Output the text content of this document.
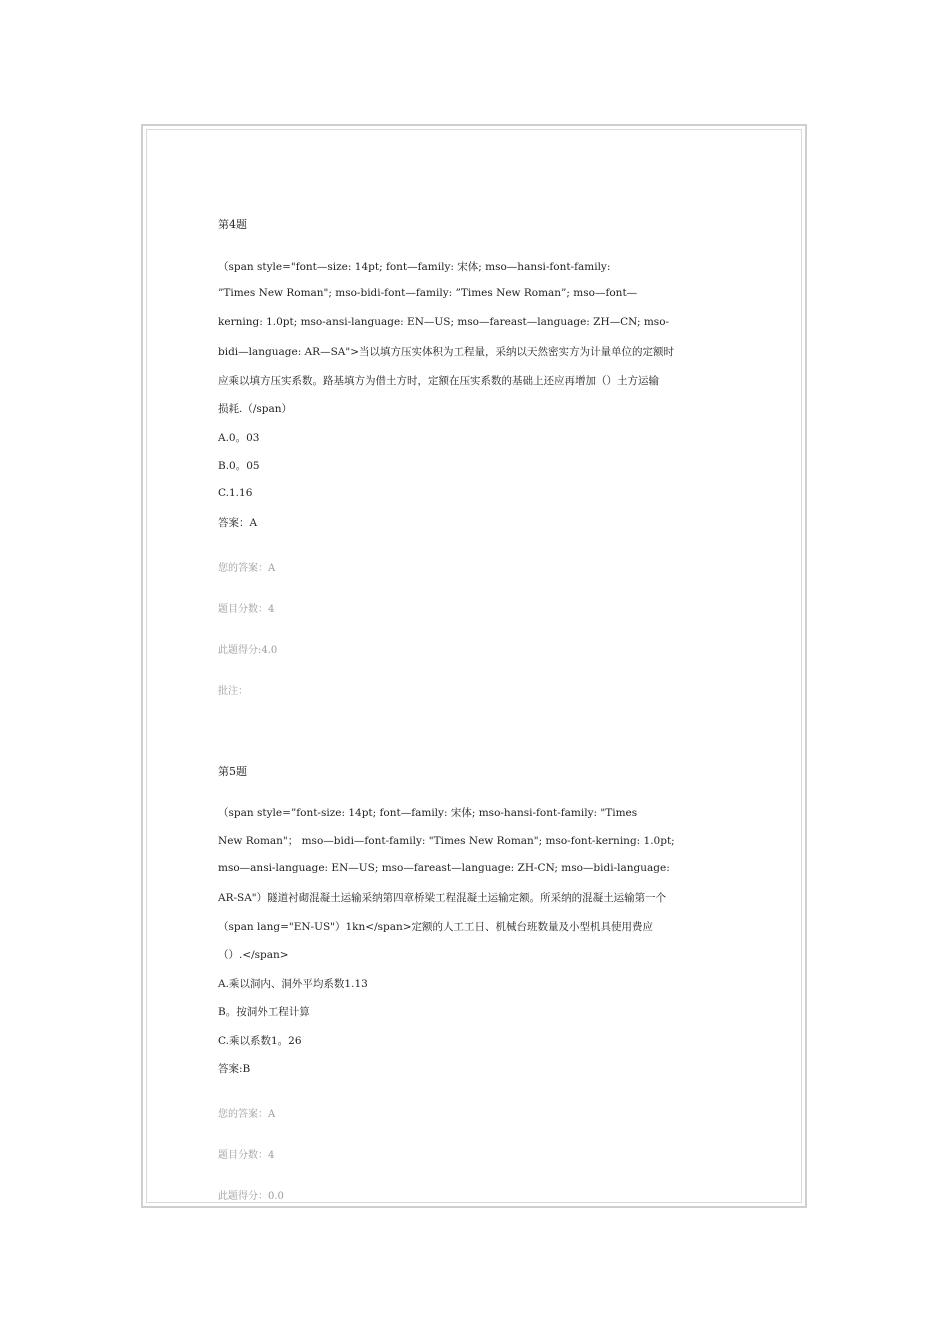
第4题
（span style="font—size: 14pt; font—family: 宋体; mso—hansi-font-family:
”Times New Roman"; mso-bidi-font—family: ”Times New Roman”; mso—font—
kerning: 1.0pt; mso-ansi-language: EN—US; mso—fareast—language: ZH—CN; mso-
bidi—language: AR—SA">当以填方压实体积为工程量，采纳以天然密实方为计量单位的定额时
应乘以填方压实系数。路基填方为借土方时，定额在压实系数的基础上还应再增加（）土方运输
损耗.（/span）
A.0。03
B.0。05
C.1.16
答案：A
您的答案：A
题目分数：4
此题得分:4.0
批注：
第5题
（span style=”font-size: 14pt; font—family: 宋体; mso-hansi-font-family: "Times
New Roman"； mso—bidi—font-family: "Times New Roman"; mso-font-kerning: 1.0pt;
mso—ansi-language: EN—US; mso—fareast—language: ZH-CN; mso—bidi-language:
AR-SA"）隧道衬砌混凝土运输采纳第四章桥梁工程混凝土运输定额。所采纳的混凝土运输第一个
（span lang="EN-US"）1kn</span>定额的人工工日、机械台班数量及小型机具使用费应
（）.</span>
A.乘以洞内、洞外平均系数1.13
B。按洞外工程计算
C.乘以系数1。26
答案:B
您的答案：A
题目分数：4
此题得分：0.0
